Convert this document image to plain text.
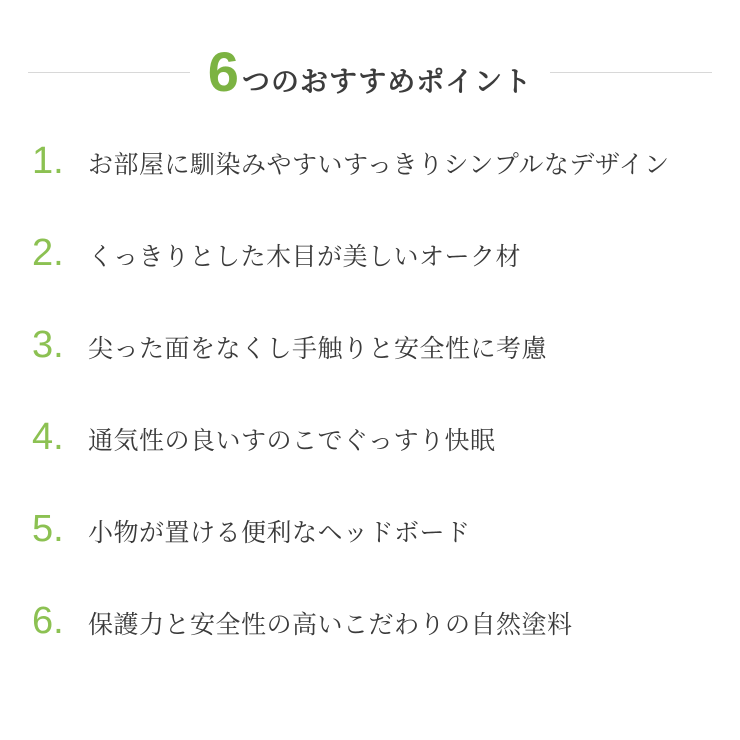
6 つのおすすめポイント
1. お部屋に馴染みやすいすっきりシンプルなデザイン
2. くっきりとした木目が美しいオーク材
3. 尖った面をなくし手触りと安全性に考慮
4. 通気性の良いすのこでぐっすり快眠
5. 小物が置ける便利なヘッドボード
6. 保護力と安全性の高いこだわりの自然塗料
